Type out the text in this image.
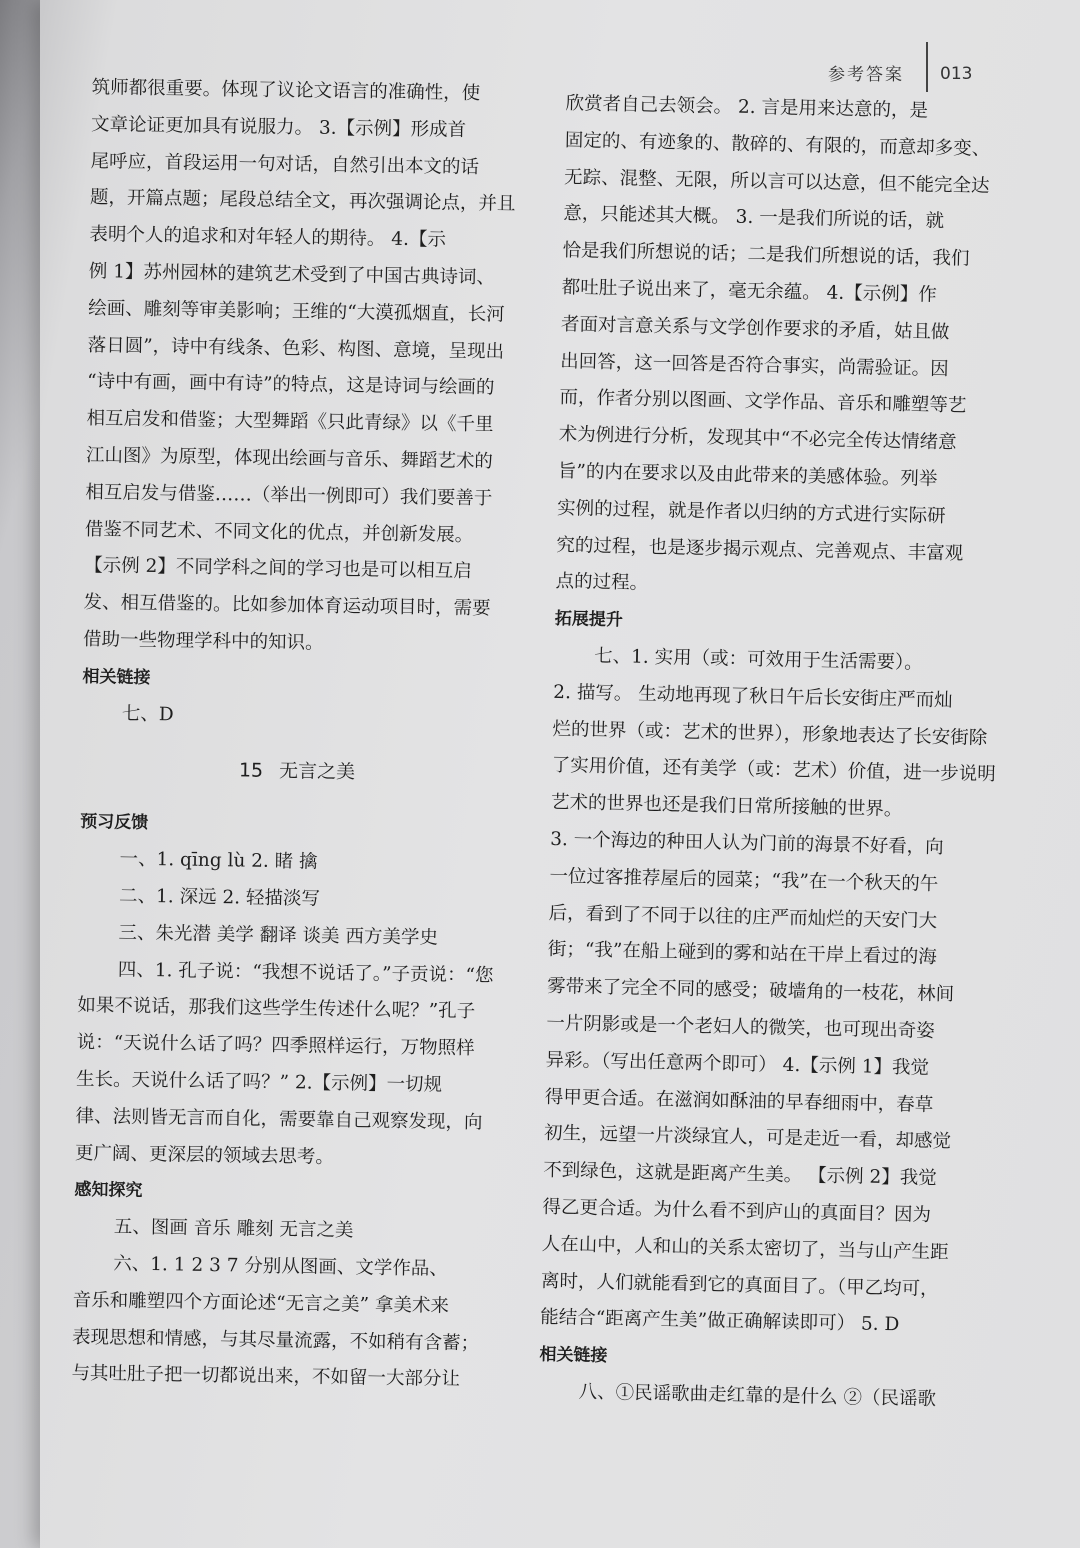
参考答案 013
筑师都很重要。体现了议论文语言的准确性，使
文章论证更加具有说服力。 3.【示例】形成首
尾呼应，首段运用一句对话，自然引出本文的话
题，开篇点题；尾段总结全文，再次强调论点，并且
表明个人的追求和对年轻人的期待。 4.【示
例 1】苏州园林的建筑艺术受到了中国古典诗词、
绘画、雕刻等审美影响；王维的“大漠孤烟直，长河
落日圆”，诗中有线条、色彩、构图、意境，呈现出
“诗中有画，画中有诗”的特点，这是诗词与绘画的
相互启发和借鉴；大型舞蹈《只此青绿》以《千里
江山图》为原型，体现出绘画与音乐、舞蹈艺术的
相互启发与借鉴……（举出一例即可）我们要善于
借鉴不同艺术、不同文化的优点，并创新发展。
【示例 2】不同学科之间的学习也是可以相互启
发、相互借鉴的。比如参加体育运动项目时，需要
借助一些物理学科中的知识。
相关链接
七、D
15 无言之美
预习反馈
一、1. qīng lù 2. 睹 擒
二、1. 深远 2. 轻描淡写
三、朱光潜 美学 翻译 谈美 西方美学史
四、1. 孔子说：“我想不说话了。”子贡说：“您
如果不说话，那我们这些学生传述什么呢？”孔子
说：“天说什么话了吗？四季照样运行，万物照样
生长。天说什么话了吗？” 2.【示例】一切规
律、法则皆无言而自化，需要靠自己观察发现，向
更广阔、更深层的领域去思考。
感知探究
五、图画 音乐 雕刻 无言之美
六、1. 1 2 3 7 分别从图画、文学作品、
音乐和雕塑四个方面论述“无言之美” 拿美术来
表现思想和情感，与其尽量流露，不如稍有含蓄；
与其吐肚子把一切都说出来，不如留一大部分让
欣赏者自己去领会。 2. 言是用来达意的，是
固定的、有迹象的、散碎的、有限的，而意却多变、
无踪、混整、无限，所以言可以达意，但不能完全达
意，只能述其大概。 3. 一是我们所说的话，就
恰是我们所想说的话；二是我们所想说的话，我们
都吐肚子说出来了，毫无余蕴。 4.【示例】作
者面对言意关系与文学创作要求的矛盾，姑且做
出回答，这一回答是否符合事实，尚需验证。因
而，作者分别以图画、文学作品、音乐和雕塑等艺
术为例进行分析，发现其中“不必完全传达情绪意
旨”的内在要求以及由此带来的美感体验。列举
实例的过程，就是作者以归纳的方式进行实际研
究的过程，也是逐步揭示观点、完善观点、丰富观
点的过程。
拓展提升
七、1. 实用（或：可效用于生活需要）。
2. 描写。 生动地再现了秋日午后长安街庄严而灿
烂的世界（或：艺术的世界），形象地表达了长安街除
了实用价值，还有美学（或：艺术）价值，进一步说明
艺术的世界也还是我们日常所接触的世界。
3. 一个海边的种田人认为门前的海景不好看，向
一位过客推荐屋后的园菜；“我”在一个秋天的午
后，看到了不同于以往的庄严而灿烂的天安门大
街；“我”在船上碰到的雾和站在干岸上看过的海
雾带来了完全不同的感受；破墙角的一枝花，林间
一片阴影或是一个老妇人的微笑，也可现出奇姿
异彩。（写出任意两个即可） 4.【示例 1】我觉
得甲更合适。在滋润如酥油的早春细雨中，春草
初生，远望一片淡绿宜人，可是走近一看，却感觉
不到绿色，这就是距离产生美。 【示例 2】我觉
得乙更合适。为什么看不到庐山的真面目？因为
人在山中，人和山的关系太密切了，当与山产生距
离时，人们就能看到它的真面目了。（甲乙均可，
能结合“距离产生美”做正确解读即可） 5. D
相关链接
八、①民谣歌曲走红靠的是什么 ②（民谣歌
